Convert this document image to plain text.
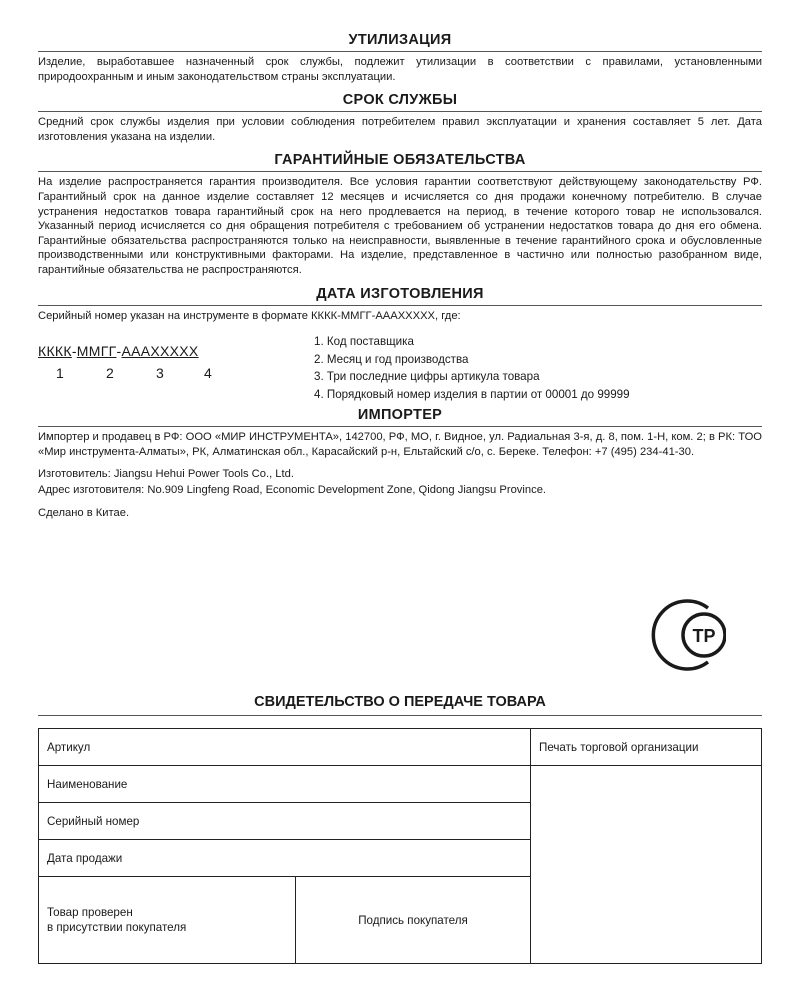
УТИЛИЗАЦИЯ

Изделие, выработавшее назначенный срок службы, подлежит утилизации в соответствии с правилами, установленными природоохранным и иным законодательством страны эксплуатации.

СРОК СЛУЖБЫ

Средний срок службы изделия при условии соблюдения потребителем правил эксплуатации и хранения составляет 5 лет. Дата изготовления указана на изделии.

ГАРАНТИЙНЫЕ ОБЯЗАТЕЛЬСТВА

На изделие распространяется гарантия производителя. Все условия гарантии соответствуют действующему законодательству РФ. Гарантийный срок на данное изделие составляет 12 месяцев и исчисляется со дня продажи конечному потребителю. В случае устранения недостатков товара гарантийный срок на него продлевается на период, в течение которого товар не использовался. Указанный период исчисляется со дня обращения потребителя с требованием об устранении недостатков товара до дня его обмена. Гарантийные обязательства распространяются только на неисправности, выявленные в течение гарантийного срока и обусловленные производственными или конструктивными факторами. На изделие, представленное в частично или полностью разобранном виде, гарантийные обязательства не распространяются.

ДАТА ИЗГОТОВЛЕНИЯ

Серийный номер указан на инструменте в формате КККК-ММГГ-AAAXXXXX, где:

КККК-ММГГ-AAAXXXXX
1	2	3	4
1. Код поставщика
2. Месяц и год производства
3. Три последние цифры артикула товара
4. Порядковый номер изделия в партии от 00001 до 99999
ИМПОРТЕР

Импортер и продавец в РФ: ООО «МИР ИНСТРУМЕНТА», 142700, РФ, МО, г. Видное, ул. Радиальная 3-я, д. 8, пом. 1-Н, ком. 2; в РК: ТОО «Мир инструмента-Алматы», РК, Алматинская обл., Карасайский р-н, Ельтайский с/о, с. Береке. Телефон: +7 (495) 234-41-30.

Изготовитель: Jiangsu Hehui Power Tools Co., Ltd.

Адрес изготовителя: No.909 Lingfeng Road, Economic Development Zone, Qidong Jiangsu Province.

Сделано в Китае.

ТР
СВИДЕТЕЛЬСТВО О ПЕРЕДАЧЕ ТОВАРА
Артикул		Печать торговой организации
Наименование		
Серийный номер		
Дата продажи		
Товар проверен
в присутствии покупателя	Подпись покупателя	
